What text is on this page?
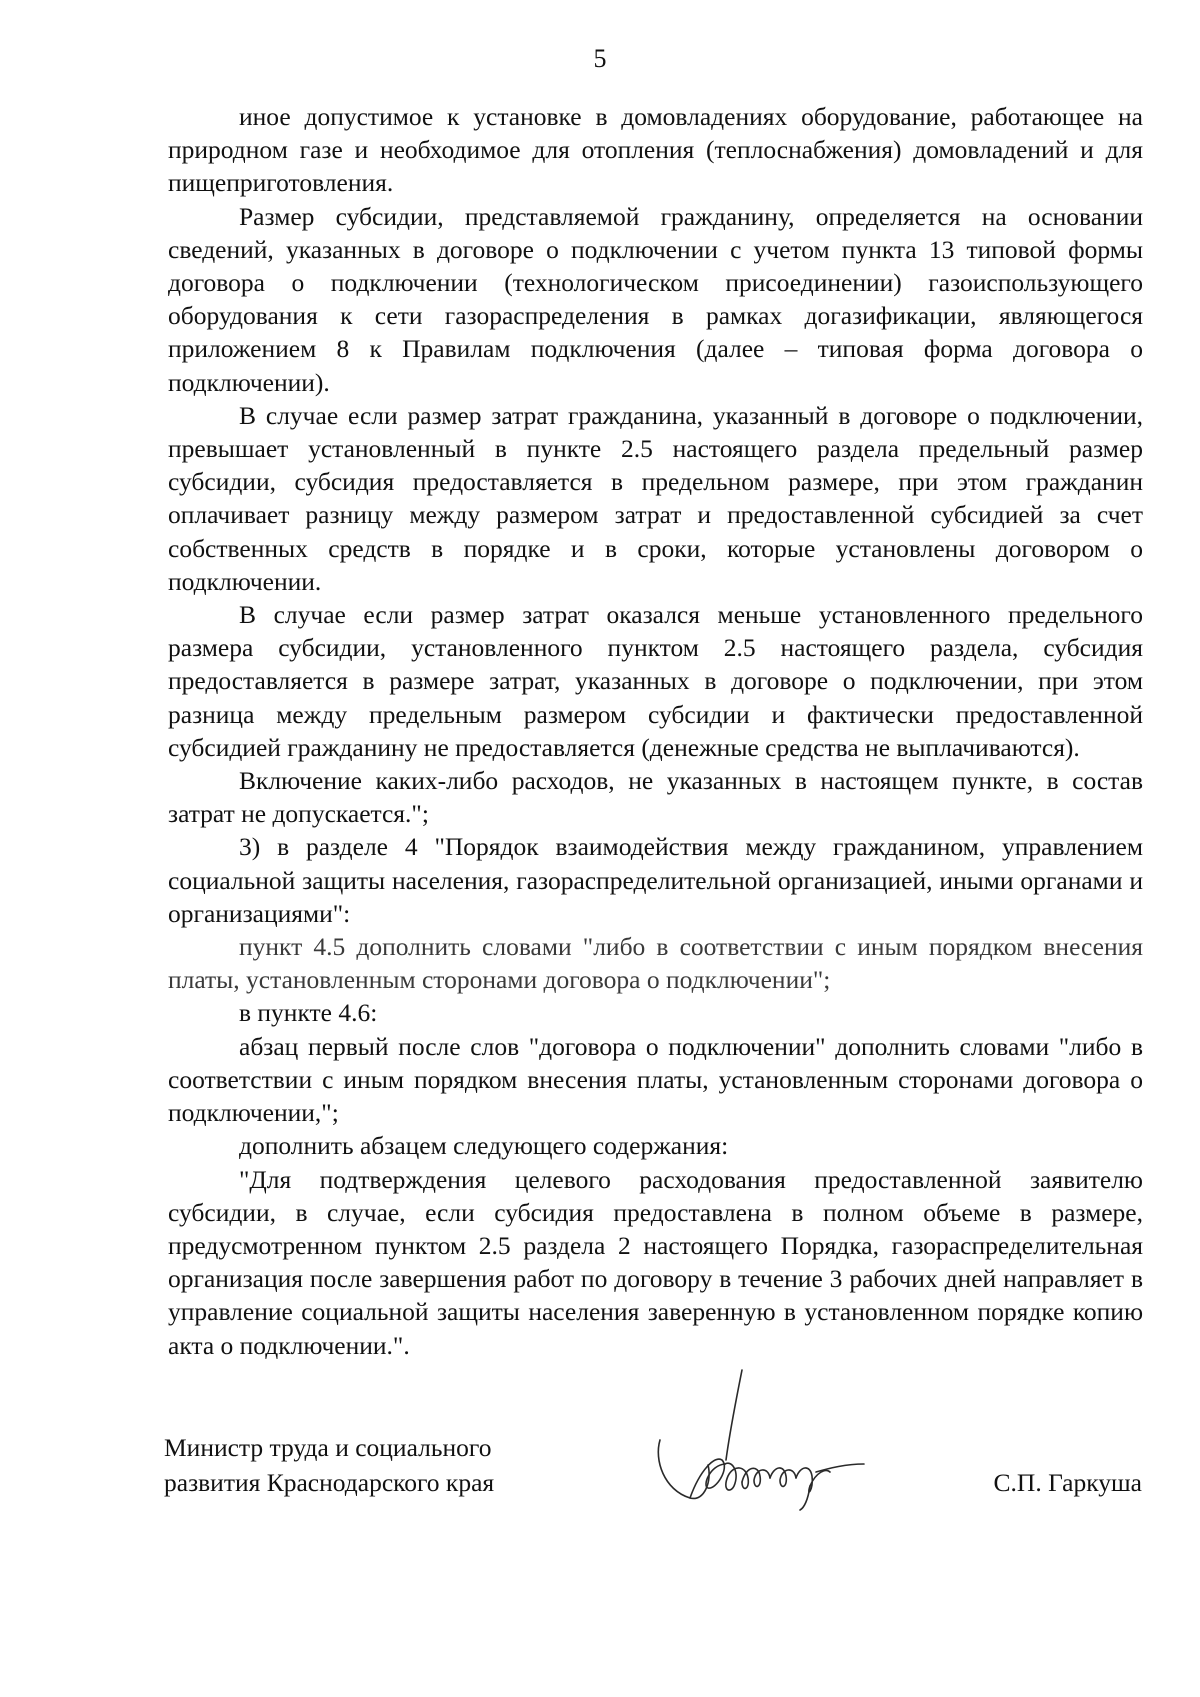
5

иное допустимое к установке в домовладениях оборудование, работающее на природном газе и необходимое для отопления (теплоснабжения) домовладений и для пищеприготовления.

Размер субсидии, представляемой гражданину, определяется на основании сведений, указанных в договоре о подключении с учетом пункта 13 типовой формы договора о подключении (технологическом присоединении) газоиспользующего оборудования к сети газораспределения в рамках догазификации, являющегося приложением 8 к Правилам подключения (далее – типовая форма договора о подключении).

В случае если размер затрат гражданина, указанный в договоре о подключении, превышает установленный в пункте 2.5 настоящего раздела предельный размер субсидии, субсидия предоставляется в предельном размере, при этом гражданин оплачивает разницу между размером затрат и предоставленной субсидией за счет собственных средств в порядке и в сроки, которые установлены договором о подключении.

В случае если размер затрат оказался меньше установленного предельного размера субсидии, установленного пунктом 2.5 настоящего раздела, субсидия предоставляется в размере затрат, указанных в договоре о подключении, при этом разница между предельным размером субсидии и фактически предоставленной субсидией гражданину не предоставляется (денежные средства не выплачиваются).

Включение каких-либо расходов, не указанных в настоящем пункте, в состав затрат не допускается.";

3) в разделе 4 "Порядок взаимодействия между гражданином, управлением социальной защиты населения, газораспределительной организацией, иными органами и организациями":

пункт 4.5 дополнить словами "либо в соответствии с иным порядком внесения платы, установленным сторонами договора о подключении";

в пункте 4.6:

абзац первый после слов "договора о подключении" дополнить словами "либо в соответствии с иным порядком внесения платы, установленным сторонами договора о подключении,";

дополнить абзацем следующего содержания:

"Для подтверждения целевого расходования предоставленной заявителю субсидии, в случае, если субсидия предоставлена в полном объеме в размере, предусмотренном пунктом 2.5 раздела 2 настоящего Порядка, газораспределительная организация после завершения работ по договору в течение 3 рабочих дней направляет в управление социальной защиты населения заверенную в установленном порядке копию акта о подключении.".

Министр труда и социального
развития Краснодарского края	С.П. Гаркуша
